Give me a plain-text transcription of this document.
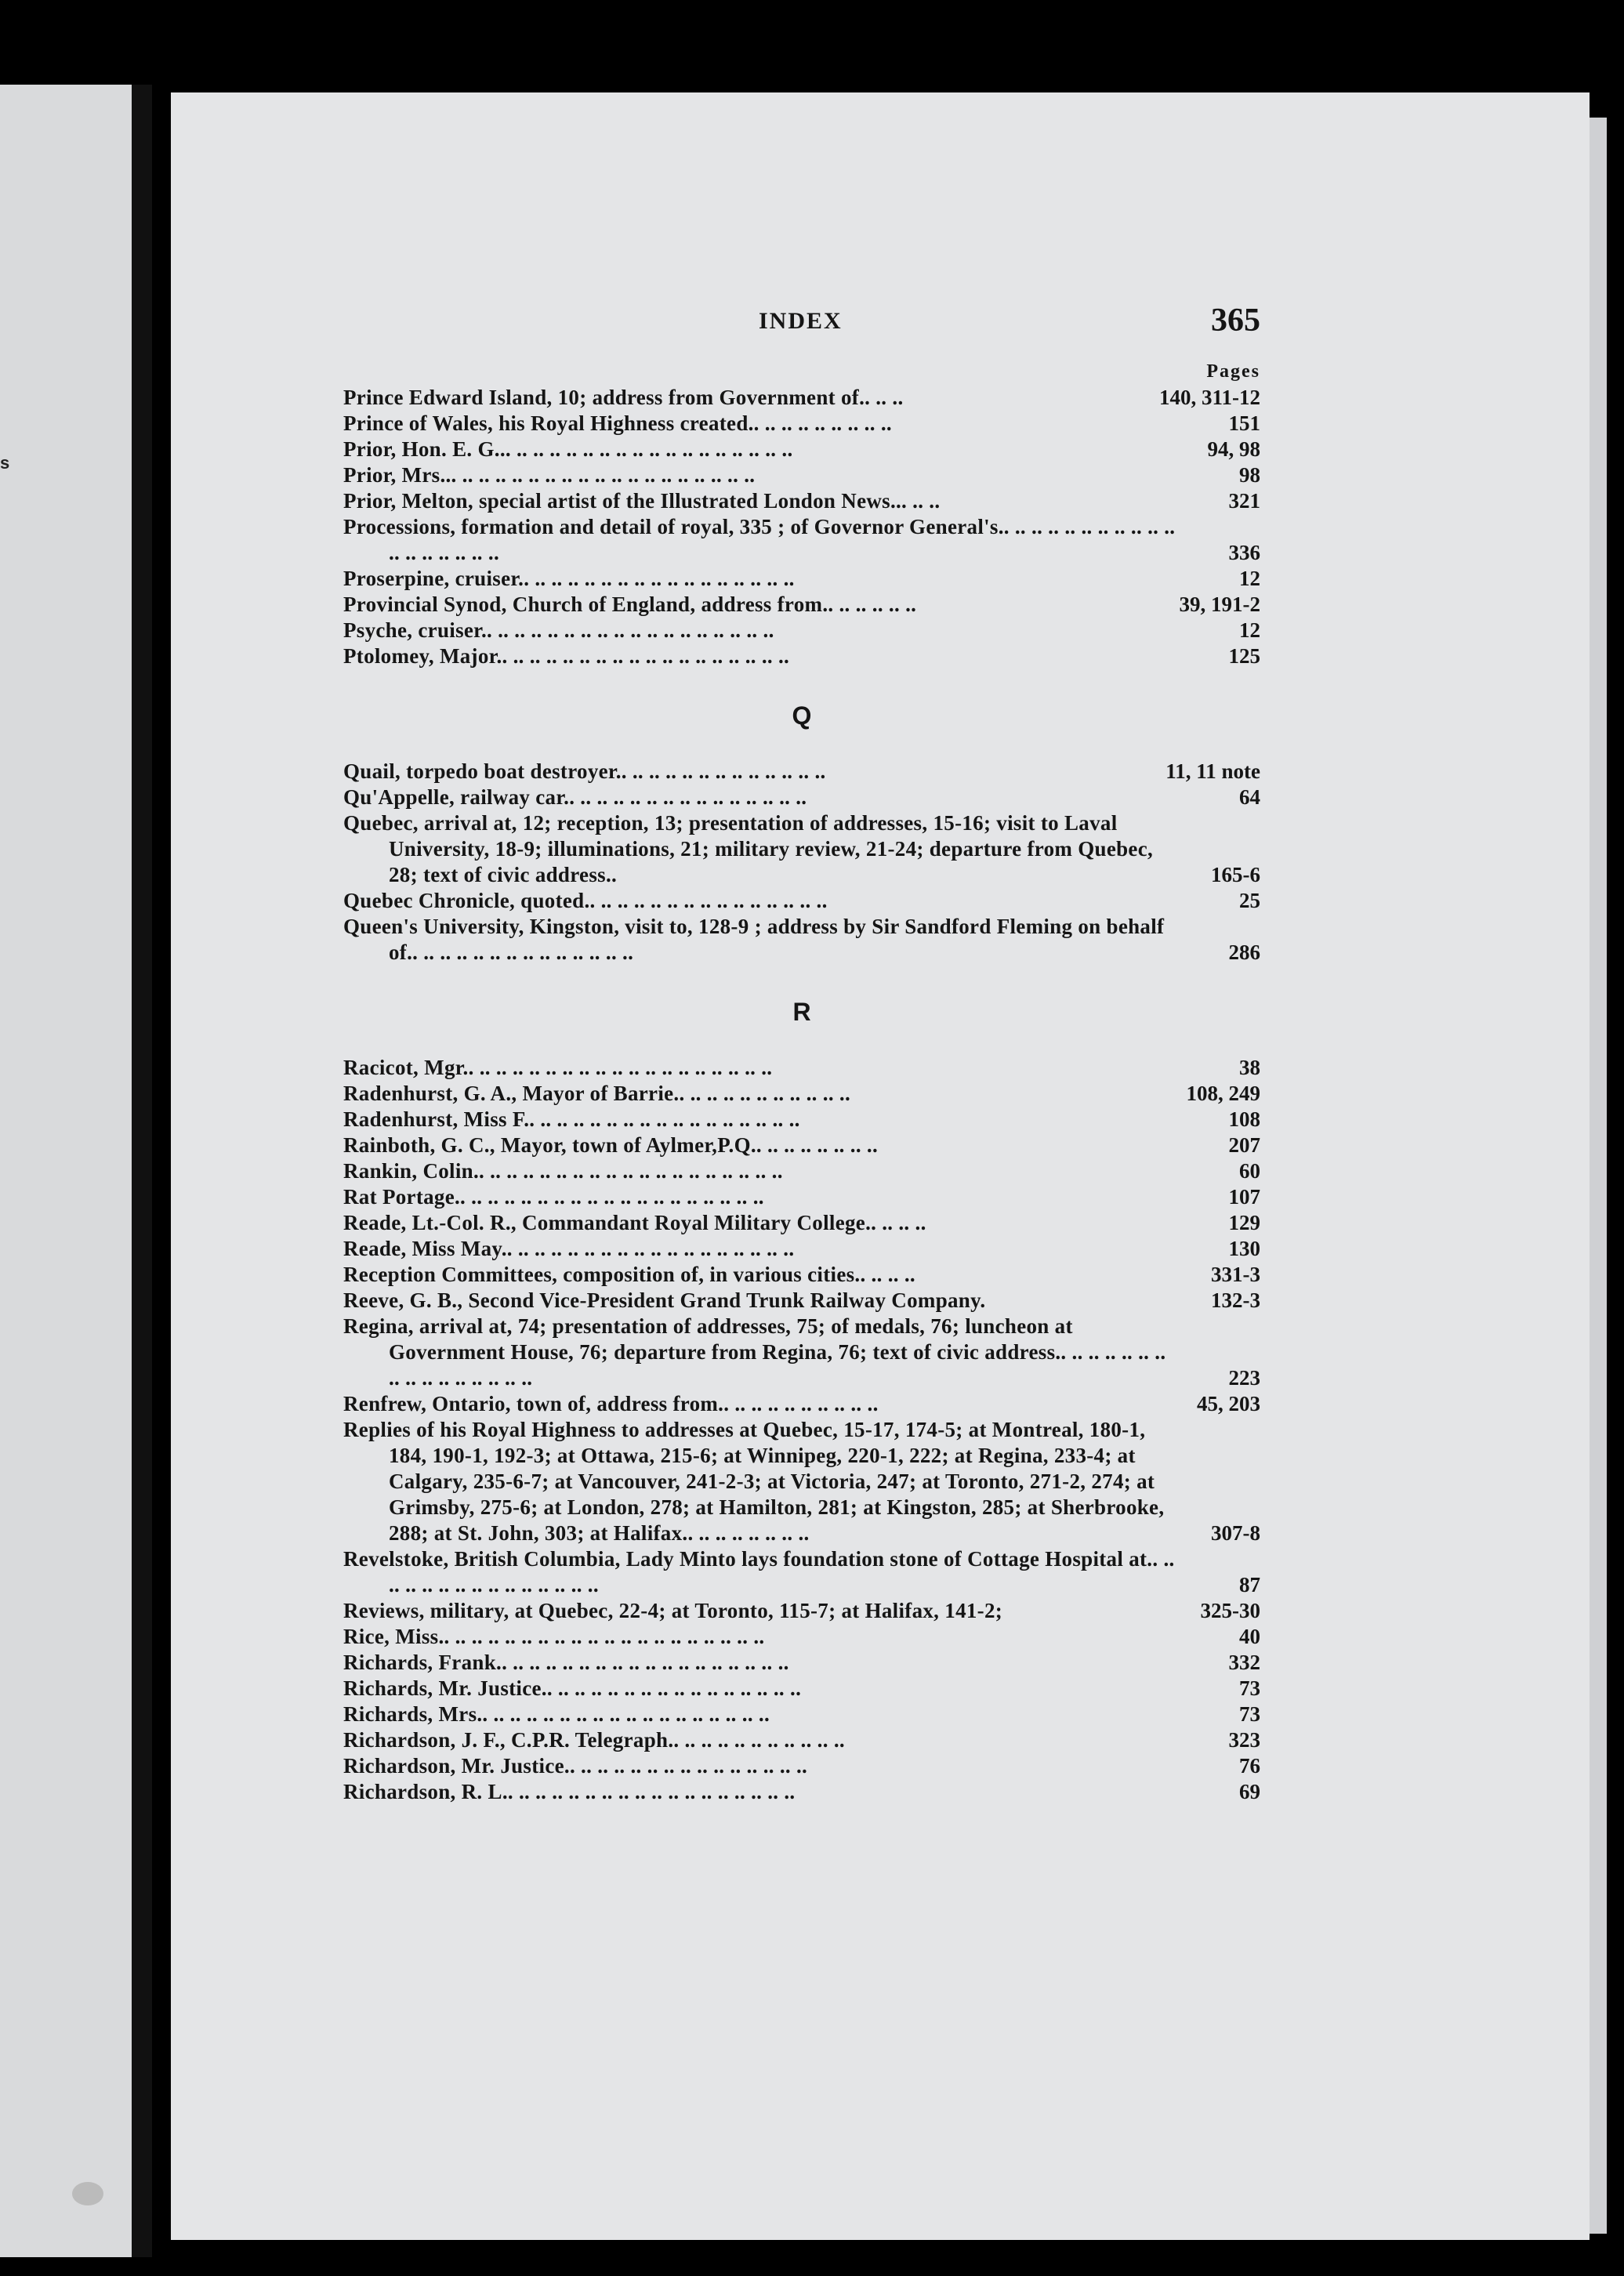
s
INDEX	365
Pages
Prince Edward Island, 10; address from Government of.. .. ..	140, 311-12
Prince of Wales, his Royal Highness created.. .. .. .. .. .. .. .. ..	151
Prior, Hon. E. G... .. .. .. .. .. .. .. .. .. .. .. .. .. .. .. .. ..	94, 98
Prior, Mrs... .. .. .. .. .. .. .. .. .. .. .. .. .. .. .. .. .. ..	98
Prior, Melton, special artist of the Illustrated London News... .. ..	321
Processions, formation and detail of royal, 335 ; of Governor General's.. .. .. .. .. .. .. .. .. .. .. .. .. .. .. .. .. ..	336
Proserpine, cruiser.. .. .. .. .. .. .. .. .. .. .. .. .. .. .. .. ..	12
Provincial Synod, Church of England, address from.. .. .. .. .. ..	39, 191-2
Psyche, cruiser.. .. .. .. .. .. .. .. .. .. .. .. .. .. .. .. .. ..	12
Ptolomey, Major.. .. .. .. .. .. .. .. .. .. .. .. .. .. .. .. .. ..	125
Q
Quail, torpedo boat destroyer.. .. .. .. .. .. .. .. .. .. .. .. ..	11, 11 note
Qu'Appelle, railway car.. .. .. .. .. .. .. .. .. .. .. .. .. .. ..	64
Quebec, arrival at, 12; reception, 13; presentation of addresses, 15-16; visit to Laval University, 18-9; illuminations, 21; military review, 21-24; departure from Quebec, 28; text of civic address..	165-6
Quebec Chronicle, quoted.. .. .. .. .. .. .. .. .. .. .. .. .. .. ..	25
Queen's University, Kingston, visit to, 128-9 ; address by Sir Sandford Fleming on behalf of.. .. .. .. .. .. .. .. .. .. .. .. .. ..	286
R
Racicot, Mgr.. .. .. .. .. .. .. .. .. .. .. .. .. .. .. .. .. .. ..	38
Radenhurst, G. A., Mayor of Barrie.. .. .. .. .. .. .. .. .. .. ..	108, 249
Radenhurst, Miss F.. .. .. .. .. .. .. .. .. .. .. .. .. .. .. .. ..	108
Rainboth, G. C., Mayor, town of Aylmer,P.Q.. .. .. .. .. .. .. ..	207
Rankin, Colin.. .. .. .. .. .. .. .. .. .. .. .. .. .. .. .. .. .. ..	60
Rat Portage.. .. .. .. .. .. .. .. .. .. .. .. .. .. .. .. .. .. ..	107
Reade, Lt.-Col. R., Commandant Royal Military College.. .. .. ..	129
Reade, Miss May.. .. .. .. .. .. .. .. .. .. .. .. .. .. .. .. .. ..	130
Reception Committees, composition of, in various cities.. .. .. ..	331-3
Reeve, G. B., Second Vice-President Grand Trunk Railway Company.	132-3
Regina, arrival at, 74; presentation of addresses, 75; of medals, 76; luncheon at Government House, 76; departure from Regina, 76; text of civic address.. .. .. .. .. .. .. .. .. .. .. .. .. .. .. ..	223
Renfrew, Ontario, town of, address from.. .. .. .. .. .. .. .. .. ..	45, 203
Replies of his Royal Highness to addresses at Quebec, 15-17, 174-5; at Montreal, 180-1, 184, 190-1, 192-3; at Ottawa, 215-6; at Winnipeg, 220-1, 222; at Regina, 233-4; at Calgary, 235-6-7; at Vancouver, 241-2-3; at Victoria, 247; at Toronto, 271-2, 274; at Grimsby, 275-6; at London, 278; at Hamilton, 281; at Kingston, 285; at Sherbrooke, 288; at St. John, 303; at Halifax.. .. .. .. .. .. .. ..	307-8
Revelstoke, British Columbia, Lady Minto lays foundation stone of Cottage Hospital at.. .. .. .. .. .. .. .. .. .. .. .. .. .. ..	87
Reviews, military, at Quebec, 22-4; at Toronto, 115-7; at Halifax, 141-2;	325-30
Rice, Miss.. .. .. .. .. .. .. .. .. .. .. .. .. .. .. .. .. .. .. ..	40
Richards, Frank.. .. .. .. .. .. .. .. .. .. .. .. .. .. .. .. .. ..	332
Richards, Mr. Justice.. .. .. .. .. .. .. .. .. .. .. .. .. .. .. ..	73
Richards, Mrs.. .. .. .. .. .. .. .. .. .. .. .. .. .. .. .. .. ..	73
Richardson, J. F., C.P.R. Telegraph.. .. .. .. .. .. .. .. .. .. ..	323
Richardson, Mr. Justice.. .. .. .. .. .. .. .. .. .. .. .. .. .. ..	76
Richardson, R. L.. .. .. .. .. .. .. .. .. .. .. .. .. .. .. .. .. ..	69
